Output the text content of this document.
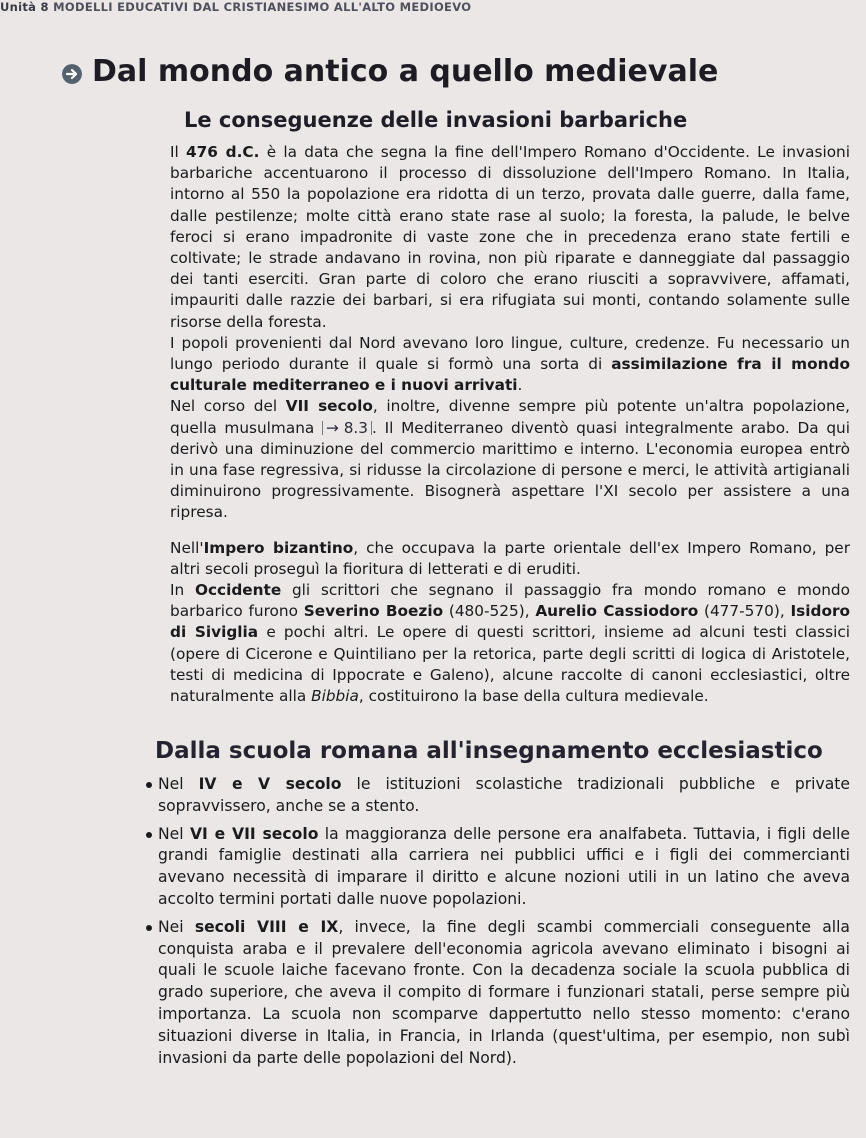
Unità 8 MODELLI EDUCATIVI DAL CRISTIANESIMO ALL'ALTO MEDIOEVO
Dal mondo antico a quello medievale
Le conseguenze delle invasioni barbariche

Il 476 d.C. è la data che segna la fine dell'Impero Romano d'Occidente. Le invasioni barbariche accentuarono il processo di dissoluzione dell'Impero Romano. In Italia, intorno al 550 la popolazione era ridotta di un terzo, provata dalle guerre, dalla fame, dalle pestilenze; molte città erano state rase al suolo; la foresta, la palude, le belve feroci si erano impadronite di vaste zone che in precedenza erano state fertili e coltivate; le strade andavano in rovina, non più riparate e danneggiate dal passaggio dei tanti eserciti. Gran parte di coloro che erano riusciti a sopravvivere, affamati, impauriti dalle razzie dei barbari, si era rifugiata sui monti, contando solamente sulle risorse della foresta.

I popoli provenienti dal Nord avevano loro lingue, culture, credenze. Fu necessario un lungo periodo durante il quale si formò una sorta di assimilazione fra il mondo culturale mediterraneo e i nuovi arrivati.

Nel corso del VII secolo, inoltre, divenne sempre più potente un'altra popolazione, quella musulmana → 8.3 . Il Mediterraneo diventò quasi integralmente arabo. Da qui derivò una diminuzione del commercio marittimo e interno. L'economia europea entrò in una fase regressiva, si ridusse la circolazione di persone e merci, le attività artigianali diminuirono progressivamente. Bisognerà aspettare l'XI secolo per assistere a una ripresa.

Nell'Impero bizantino, che occupava la parte orientale dell'ex Impero Romano, per altri secoli proseguì la fioritura di letterati e di eruditi.

In Occidente gli scrittori che segnano il passaggio fra mondo romano e mondo barbarico furono Severino Boezio (480-525), Aurelio Cassiodoro (477-570), Isidoro di Siviglia e pochi altri. Le opere di questi scrittori, insieme ad alcuni testi classici (opere di Cicerone e Quintiliano per la retorica, parte degli scritti di logica di Aristotele, testi di medicina di Ippocrate e Galeno), alcune raccolte di canoni ecclesiastici, oltre naturalmente alla Bibbia, costituirono la base della cultura medievale.

Dalla scuola romana all'insegnamento ecclesiastico
Nel IV e V secolo le istituzioni scolastiche tradizionali pubbliche e private sopravvissero, anche se a stento.
Nel VI e VII secolo la maggioranza delle persone era analfabeta. Tuttavia, i figli delle grandi famiglie destinati alla carriera nei pubblici uffici e i figli dei commercianti avevano necessità di imparare il diritto e alcune nozioni utili in un latino che aveva accolto termini portati dalle nuove popolazioni.
Nei secoli VIII e IX, invece, la fine degli scambi commerciali conseguente alla conquista araba e il prevalere dell'economia agricola avevano eliminato i bisogni ai quali le scuole laiche facevano fronte. Con la decadenza sociale la scuola pubblica di grado superiore, che aveva il compito di formare i funzionari statali, perse sempre più importanza. La scuola non scomparve dappertutto nello stesso momento: c'erano situazioni diverse in Italia, in Francia, in Irlanda (quest'ultima, per esempio, non subì invasioni da parte delle popolazioni del Nord).
